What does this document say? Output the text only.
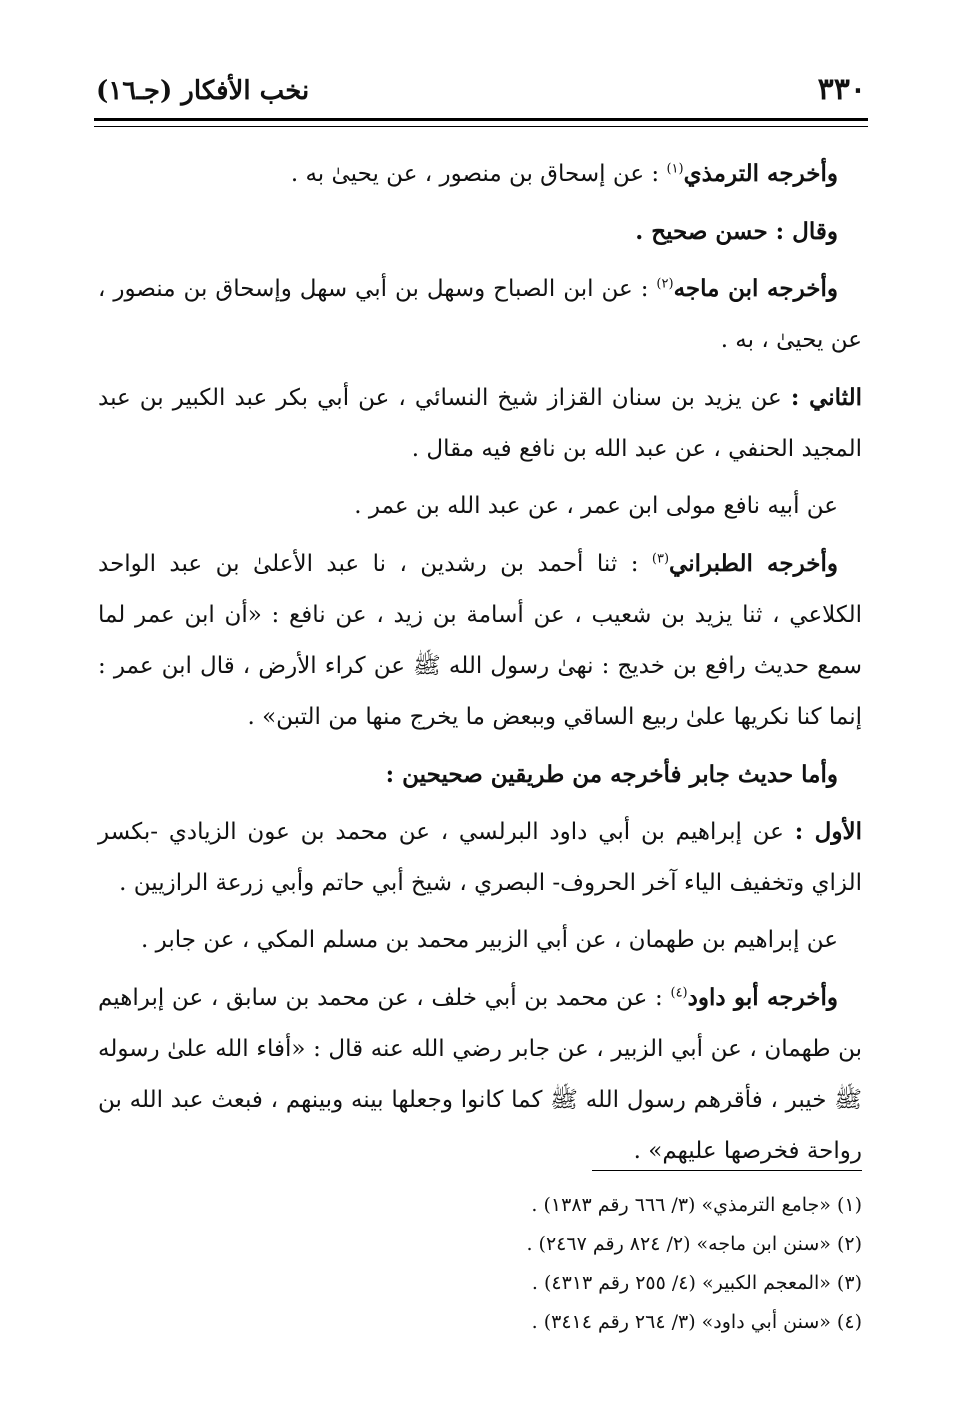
٣٣٠
نخب الأفكار (جـ١٦)

وأخرجه الترمذي$^{(١)}$ : عن إسحاق بن منصور ، عن يحيىٰ به .

وقال : حسن صحيح .

وأخرجه ابن ماجه$^{(٢)}$ : عن ابن الصباح وسهل بن أبي سهل وإسحاق بن منصور ، عن يحيىٰ ، به .

الثاني : عن يزيد بن سنان القزاز شيخ النسائي ، عن أبي بكر عبد الكبير بن عبد المجيد الحنفي ، عن عبد الله بن نافع فيه مقال .

عن أبيه نافع مولى ابن عمر ، عن عبد الله بن عمر .

وأخرجه الطبراني$^{(٣)}$ : ثنا أحمد بن رشدين ، نا عبد الأعلىٰ بن عبد الواحد الكلاعي ، ثنا يزيد بن شعيب ، عن أسامة بن زيد ، عن نافع : «أن ابن عمر لما سمع حديث رافع بن خديج : نهىٰ رسول الله ﷺ عن كراء الأرض ، قال ابن عمر : إنما كنا نكريها علىٰ ربيع الساقي وببعض ما يخرج منها من التبن» .

وأما حديث جابر فأخرجه من طريقين صحيحين :

الأول : عن إبراهيم بن أبي داود البرلسي ، عن محمد بن عون الزيادي -بكسر الزاي وتخفيف الياء آخر الحروف- البصري ، شيخ أبي حاتم وأبي زرعة الرازيين .

عن إبراهيم بن طهمان ، عن أبي الزبير محمد بن مسلم المكي ، عن جابر .

وأخرجه أبو داود$^{(٤)}$ : عن محمد بن أبي خلف ، عن محمد بن سابق ، عن إبراهيم بن طهمان ، عن أبي الزبير ، عن جابر رضي الله عنه قال : «أفاء الله علىٰ رسوله ﷺ خيبر ، فأقرهم رسول الله ﷺ كما كانوا وجعلها بينه وبينهم ، فبعث عبد الله بن رواحة فخرصها عليهم» .

(١) «جامع الترمذي» (٣/ ٦٦٦ رقم ١٣٨٣) .

(٢) «سنن ابن ماجه» (٢/ ٨٢٤ رقم ٢٤٦٧) .

(٣) «المعجم الكبير» (٤/ ٢٥٥ رقم ٤٣١٣) .

(٤) «سنن أبي داود» (٣/ ٢٦٤ رقم ٣٤١٤) .
